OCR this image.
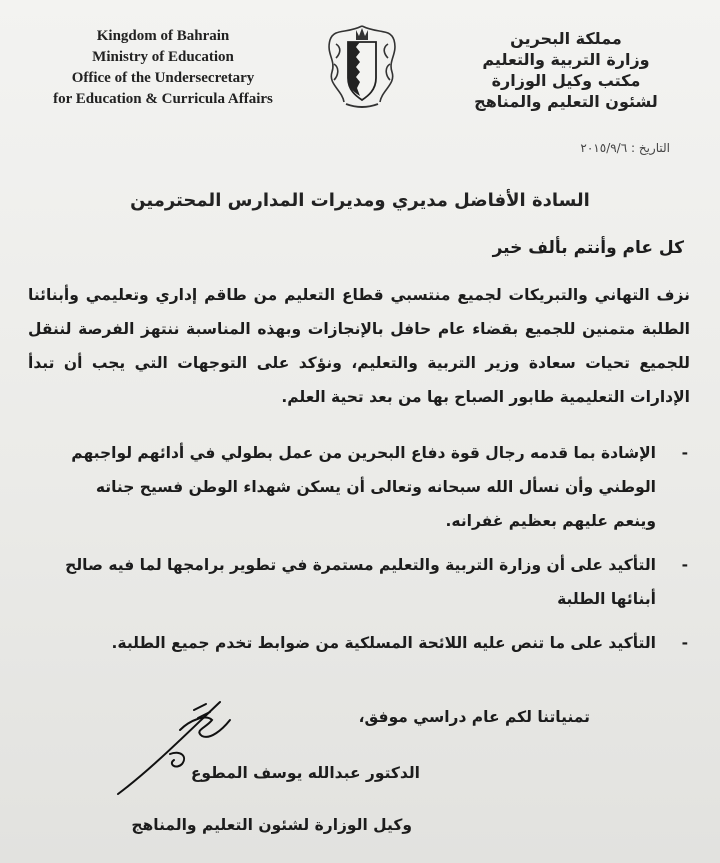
Kingdom of Bahrain
Ministry of Education
Office of the Undersecretary
for Education & Curricula Affairs
مملكة البحرين
وزارة التربية والتعليم
مكتب وكيل الوزارة
لشئون التعليم والمناهج
التاريخ : ٢٠١٥/٩/٦
السادة الأفاضل مديري ومديرات المدارس المحترمين
كل عام وأنتم بألف خير
نزف التهاني والتبريكات لجميع منتسبي قطاع التعليم من طاقم إداري وتعليمي وأبنائنا الطلبة متمنين للجميع بقضاء عام حافل بالإنجازات وبهذه المناسبة ننتهز الفرصة لننقل للجميع تحيات سعادة وزير التربية والتعليم، ونؤكد على التوجهات التي يجب أن تبدأ الإدارات التعليمية طابور الصباح بها من بعد تحية العلم.
-
الإشادة بما قدمه رجال قوة دفاع البحرين من عمل بطولي في أدائهم لواجبهم الوطني وأن نسأل الله سبحانه وتعالى أن يسكن شهداء الوطن فسيح جناته وينعم عليهم بعظيم غفرانه.
-
التأكيد على أن وزارة التربية والتعليم مستمرة في تطوير برامجها لما فيه صالح أبنائها الطلبة
-
التأكيد على ما تنص عليه اللائحة المسلكية من ضوابط تخدم جميع الطلبة.
تمنياتنا لكم عام دراسي موفق،
الدكتور عبدالله يوسف المطوع
وكيل الوزارة لشئون التعليم والمناهج
